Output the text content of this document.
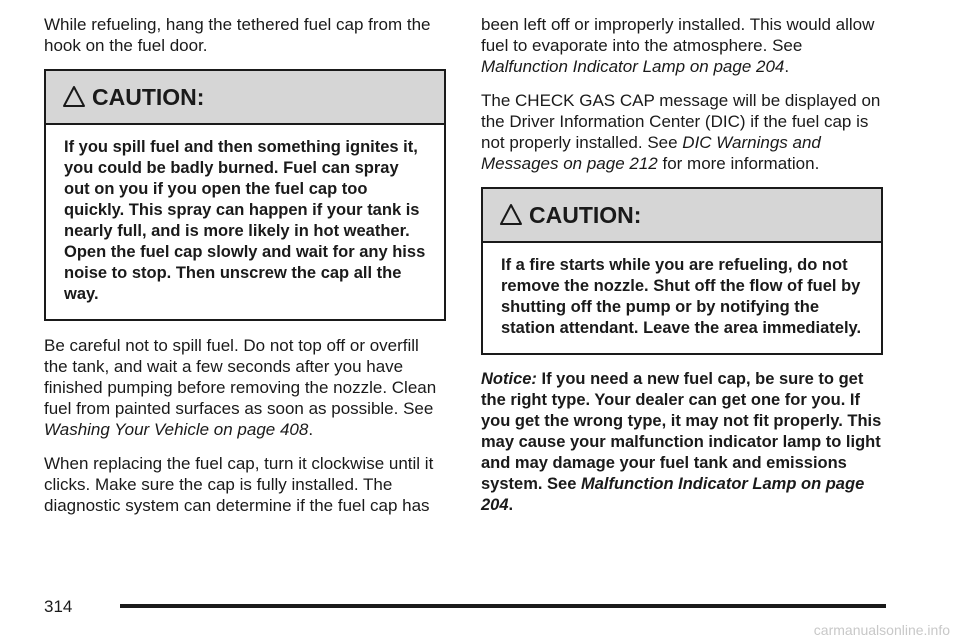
While refueling, hang the tethered fuel cap from the hook on the fuel door.

CAUTION:
If you spill fuel and then something ignites it, you could be badly burned. Fuel can spray out on you if you open the fuel cap too quickly. This spray can happen if your tank is nearly full, and is more likely in hot weather. Open the fuel cap slowly and wait for any hiss noise to stop. Then unscrew the cap all the way.

Be careful not to spill fuel. Do not top off or overfill the tank, and wait a few seconds after you have finished pumping before removing the nozzle. Clean fuel from painted surfaces as soon as possible. See Washing Your Vehicle on page 408.

When replacing the fuel cap, turn it clockwise until it clicks. Make sure the cap is fully installed. The diagnostic system can determine if the fuel cap has

been left off or improperly installed. This would allow fuel to evaporate into the atmosphere. See Malfunction Indicator Lamp on page 204.

The CHECK GAS CAP message will be displayed on the Driver Information Center (DIC) if the fuel cap is not properly installed. See DIC Warnings and Messages on page 212 for more information.

CAUTION:
If a fire starts while you are refueling, do not remove the nozzle. Shut off the flow of fuel by shutting off the pump or by notifying the station attendant. Leave the area immediately.

Notice: If you need a new fuel cap, be sure to get the right type. Your dealer can get one for you. If you get the wrong type, it may not fit properly. This may cause your malfunction indicator lamp to light and may damage your fuel tank and emissions system. See Malfunction Indicator Lamp on page 204.

314
carmanualsonline.info
